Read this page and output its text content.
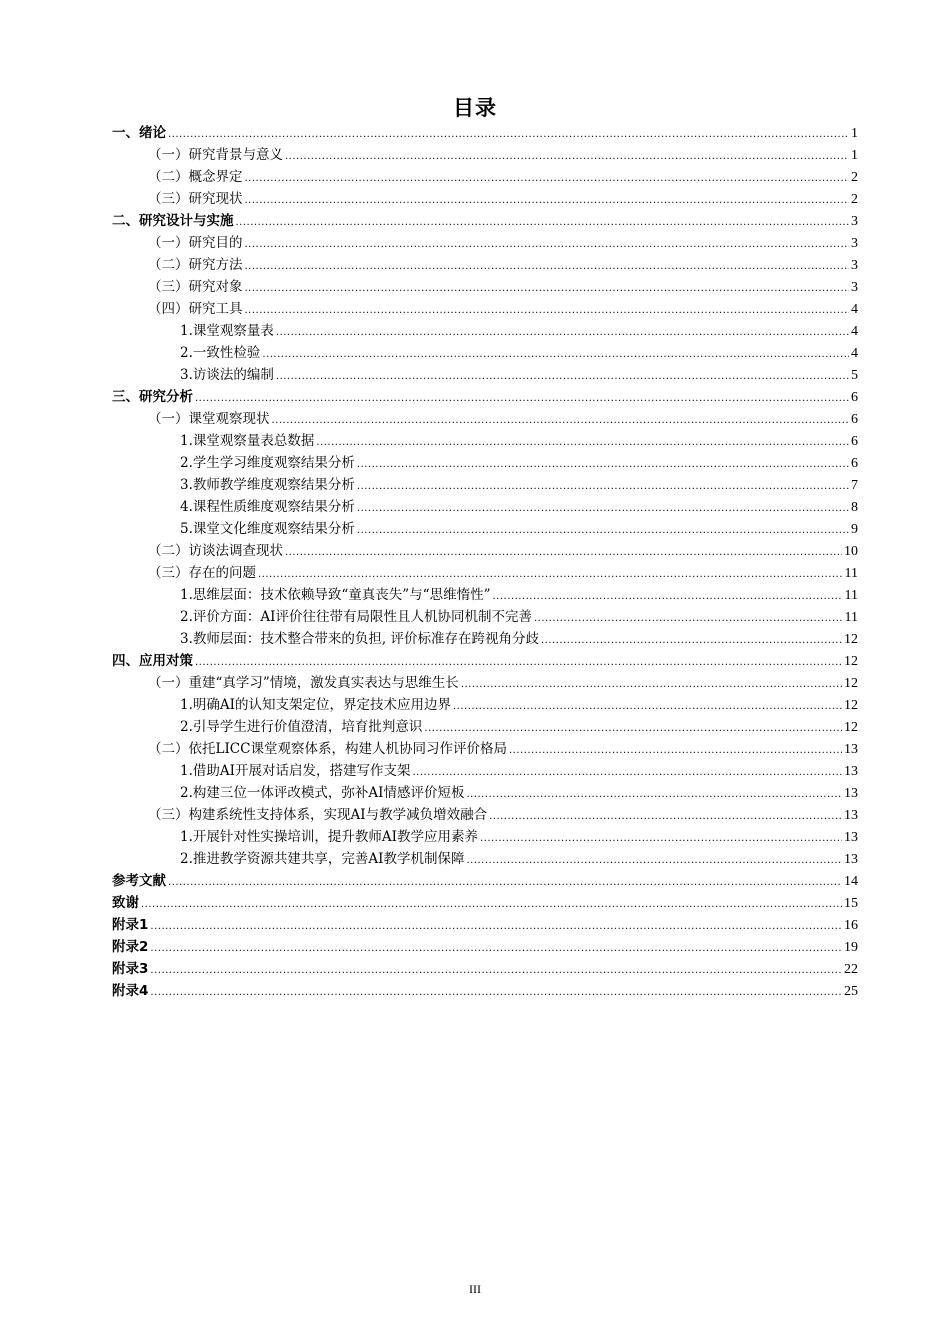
目录
一、绪论 .....	1
（一）研究背景与意义 .....	1
（二）概念界定 .....	2
（三）研究现状 .....	2
二、研究设计与实施 .....	3
（一）研究目的 .....	3
（二）研究方法 .....	3
（三）研究对象 .....	3
（四）研究工具 .....	4
1.课堂观察量表 .....	4
2.一致性检验 .....	4
3.访谈法的编制 .....	5
三、研究分析 .....	6
（一）课堂观察现状 .....	6
1.课堂观察量表总数据 .....	6
2.学生学习维度观察结果分析 .....	6
3.教师教学维度观察结果分析 .....	7
4.课程性质维度观察结果分析 .....	8
5.课堂文化维度观察结果分析 .....	9
（二）访谈法调查现状 .....	10
（三）存在的问题 .....	11
1.思维层面：技术依赖导致“童真丧失”与“思维惰性” .....	11
2.评价方面：AI评价往往带有局限性且人机协同机制不完善 .....	11
3.教师层面：技术整合带来的负担, 评价标准存在跨视角分歧 .....	12
四、应用对策 .....	12
（一）重建“真学习”情境，激发真实表达与思维生长 .....	12
1.明确AI的认知支架定位，界定技术应用边界 .....	12
2.引导学生进行价值澄清，培育批判意识 .....	12
（二）依托LICC课堂观察体系，构建人机协同习作评价格局 .....	13
1.借助AI开展对话启发，搭建写作支架 .....	13
2.构建三位一体评改模式，弥补AI情感评价短板 .....	13
（三）构建系统性支持体系，实现AI与教学减负增效融合 .....	13
1.开展针对性实操培训，提升教师AI教学应用素养 .....	13
2.推进教学资源共建共享，完善AI教学机制保障 .....	13
参考文献 .....	14
致谢 .....	15
附录1 .....	16
附录2 .....	19
附录3 .....	22
附录4 .....	25
III
